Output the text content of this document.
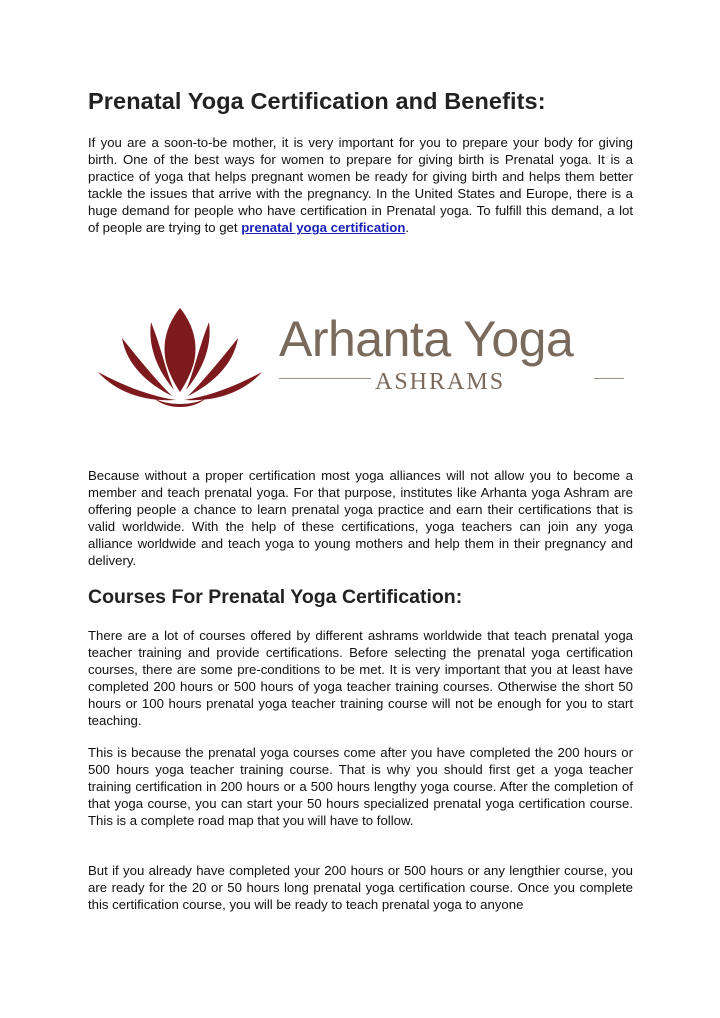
Prenatal Yoga Certification and Benefits:

If you are a soon-to-be mother, it is very important for you to prepare your body for giving birth. One of the best ways for women to prepare for giving birth is Prenatal yoga. It is a practice of yoga that helps pregnant women be ready for giving birth and helps them better tackle the issues that arrive with the pregnancy. In the United States and Europe, there is a huge demand for people who have certification in Prenatal yoga. To fulfill this demand, a lot of people are trying to get prenatal yoga certification.

Because without a proper certification most yoga alliances will not allow you to become a member and teach prenatal yoga. For that purpose, institutes like Arhanta yoga Ashram are offering people a chance to learn prenatal yoga practice and earn their certifications that is valid worldwide. With the help of these certifications, yoga teachers can join any yoga alliance worldwide and teach yoga to young mothers and help them in their pregnancy and delivery.

Courses For Prenatal Yoga Certification:

There are a lot of courses offered by different ashrams worldwide that teach prenatal yoga teacher training and provide certifications. Before selecting the prenatal yoga certification courses, there are some pre-conditions to be met. It is very important that you at least have completed 200 hours or 500 hours of yoga teacher training courses. Otherwise the short 50 hours or 100 hours prenatal yoga teacher training course will not be enough for you to start teaching.

This is because the prenatal yoga courses come after you have completed the 200 hours or 500 hours yoga teacher training course. That is why you should first get a yoga teacher training certification in 200 hours or a 500 hours lengthy yoga course. After the completion of that yoga course, you can start your 50 hours specialized prenatal yoga certification course. This is a complete road map that you will have to follow.

But if you already have completed your 200 hours or 500 hours or any lengthier course, you are ready for the 20 or 50 hours long prenatal yoga certification course. Once you complete this certification course, you will be ready to teach prenatal yoga to anyone

Arhanta Yoga
ASHRAMS
